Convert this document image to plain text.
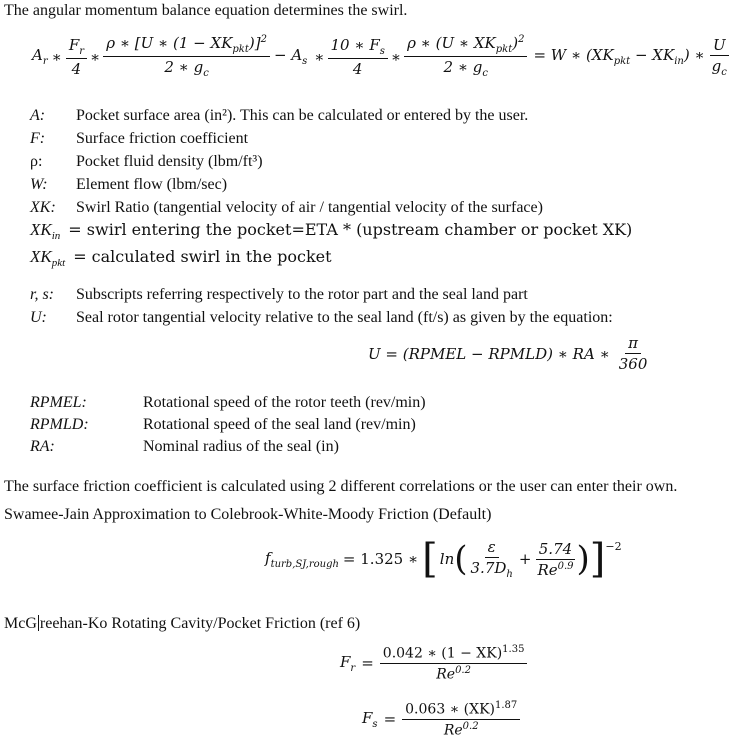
The angular momentum balance equation determines the swirl.
$A_r$ ∗ $\frac{F_r}{4}$ ∗ $\frac{\rho ∗ [U ∗ (1 - XK_{pkt})]^2}{2 ∗ g_c} - A_s$ ∗ $\frac{10 ∗ F_s}{4}$ ∗ $\frac{\rho ∗ (U ∗ XK_{pkt})^2}{2 ∗ g_c} = W$ ∗ $(XK_{pkt} - XK_{in})$ ∗ $\frac{U}{g_c}$
A: Pocket surface area (in²). This can be calculated or entered by the user.
F: Surface friction coefficient
ρ: Pocket fluid density (lbm/ft³)
W: Element flow (lbm/sec)
XK: Swirl Ratio (tangential velocity of air / tangential velocity of the surface)
$XK_{in}$ = swirl entering the pocket=ETA * (upstream chamber or pocket XK)
$XK_{pkt}$ = calculated swirl in the pocket
r, s: Subscripts referring respectively to the rotor part and the seal land part
U: Seal rotor tangential velocity relative to the seal land (ft/s) as given by the equation:
U = (RPMEL − RPMLD) ∗ RA ∗ $\frac{\pi}{360}$
RPMEL:	Rotational speed of the rotor teeth (rev/min)
RPMLD:	Rotational speed of the seal land (rev/min)
RA:	Nominal radius of the seal (in)
The surface friction coefficient is calculated using 2 different correlations or the user can enter their own.
Swamee-Jain Approximation to Colebrook-White-Moody Friction (Default)
$f_{turb,SJ,rough} = 1.325$ ∗ [ ln ( $\frac{\varepsilon}{3.7D_h} + \frac{5.74}{Re^{0.9}}$ ) ]$^{-2}$
McG reehan-Ko Rotating Cavity/Pocket Friction (ref 6)
$F_r = \frac{0.042 ∗ (1 - XK)^{1.35}}{Re^{0.2}}$
$F_s = \frac{0.063 ∗ (XK)^{1.87}}{Re^{0.2}}$
